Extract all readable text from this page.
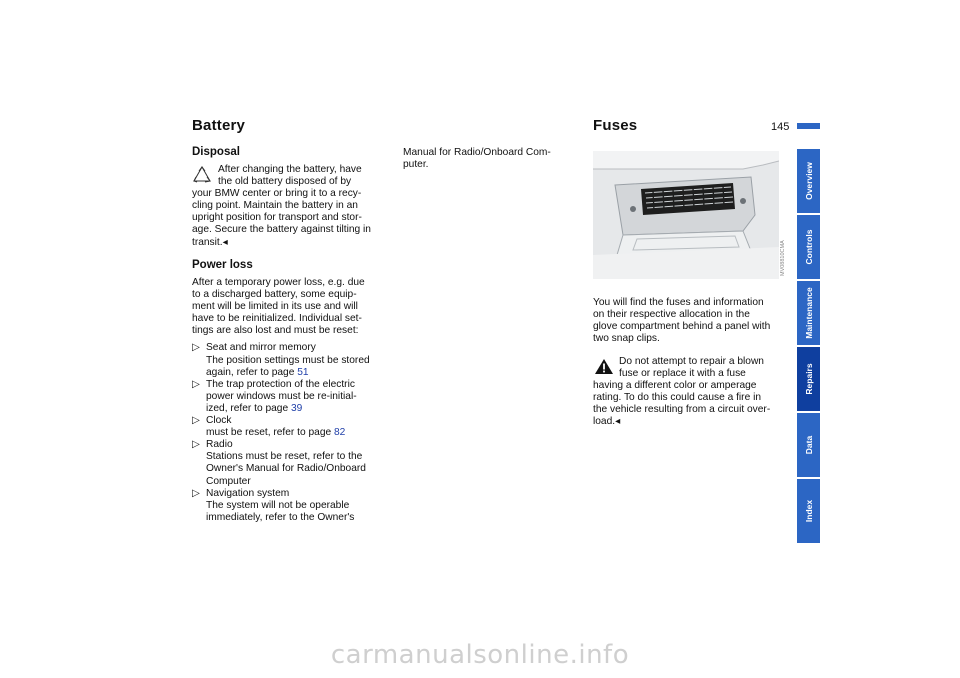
145
Battery
Disposal

After changing the battery, have

the old battery disposed of by

your BMW center or bring it to a recy-

cling point. Maintain the battery in an

upright position for transport and stor-

age. Secure the battery against tilting in

transit.◂

Power loss

After a temporary power loss, e.g. due

to a discharged battery, some equip-

ment will be limited in its use and will

have to be reinitialized. Individual set-

tings are also lost and must be reset:

▷ Seat and mirror memory
The position settings must be stored
again, refer to page 51
▷ The trap protection of the electric
power windows must be re-initial-
ized, refer to page 39
▷ Clock
must be reset, refer to page 82
▷ Radio
Stations must be reset, refer to the
Owner's Manual for Radio/Onboard
Computer
▷ Navigation system
The system will not be operable
immediately, refer to the Owner's

Manual for Radio/Onboard Com-

puter.

Fuses
MV08810CMA

You will find the fuses and information

on their respective allocation in the

glove compartment behind a panel with

two snap clips.

Do not attempt to repair a blown

fuse or replace it with a fuse

having a different color or amperage

rating. To do this could cause a fire in

the vehicle resulting from a circuit over-

load.◂

Overview
Controls
Maintenance
Repairs
Data
Index
carmanualsonline.info
